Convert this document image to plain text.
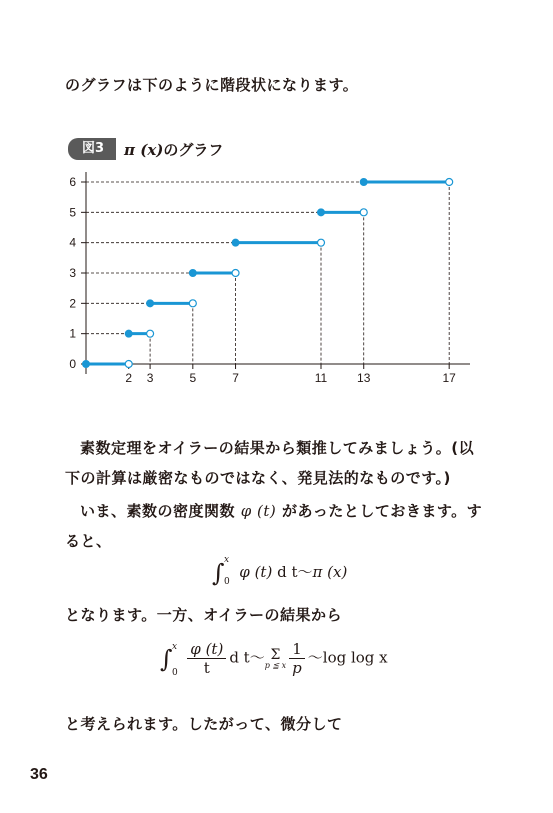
のグラフは下のように階段状になります。
図3	π (x)のグラフ
0
1
2
3
4
5
6
2 3	5	7	11 13	17
素数定理をオイラーの結果から類推してみましょう。(以
下の計算は厳密なものではなく、発見法的なものです。)
いま、素数の密度関数 φ (t) があったとしておきます。す
ると、
∫ x
0
φ (t) d t〜π (x)
となります。一方、オイラーの結果から
∫ x
$0 \frac{\varphi (t)}{t}$ d t〜 Σ
p ≦ x $\frac{1}{p}$ 〜log log x
と考えられます。したがって、微分して
36
